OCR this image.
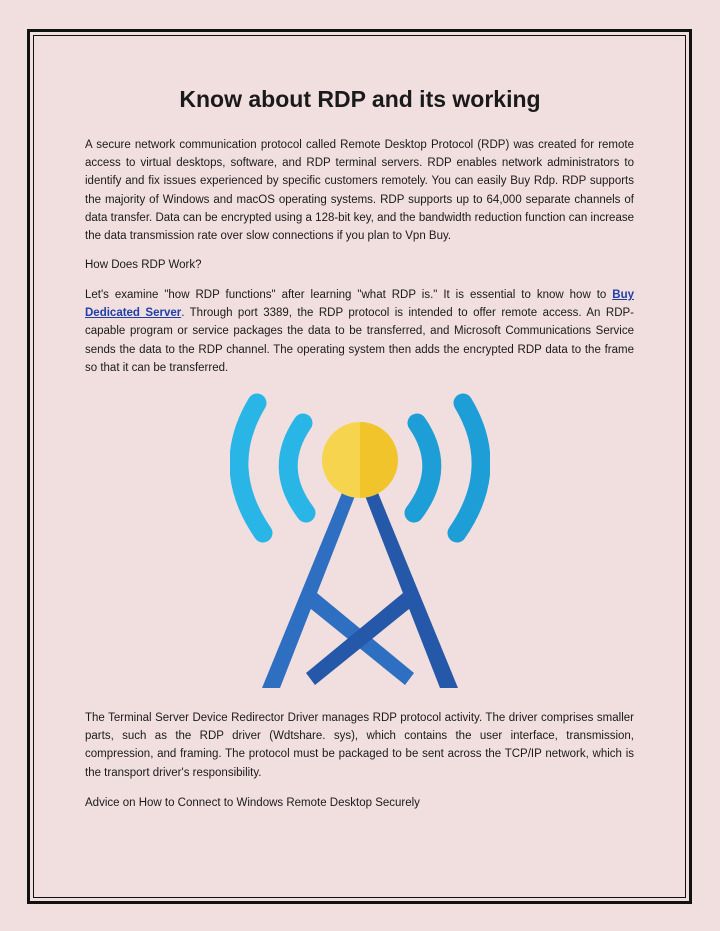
Know about RDP and its working

A secure network communication protocol called Remote Desktop Protocol (RDP) was created for remote access to virtual desktops, software, and RDP terminal servers. RDP enables network administrators to identify and fix issues experienced by specific customers remotely. You can easily Buy Rdp. RDP supports the majority of Windows and macOS operating systems. RDP supports up to 64,000 separate channels of data transfer. Data can be encrypted using a 128-bit key, and the bandwidth reduction function can increase the data transmission rate over slow connections if you plan to Vpn Buy.

How Does RDP Work?

Let's examine "how RDP functions" after learning "what RDP is." It is essential to know how to Buy Dedicated Server. Through port 3389, the RDP protocol is intended to offer remote access. An RDP-capable program or service packages the data to be transferred, and Microsoft Communications Service sends the data to the RDP channel. The operating system then adds the encrypted RDP data to the frame so that it can be transferred.

The Terminal Server Device Redirector Driver manages RDP protocol activity. The driver comprises smaller parts, such as the RDP driver (Wdtshare. sys), which contains the user interface, transmission, compression, and framing. The protocol must be packaged to be sent across the TCP/IP network, which is the transport driver's responsibility.

Advice on How to Connect to Windows Remote Desktop Securely
